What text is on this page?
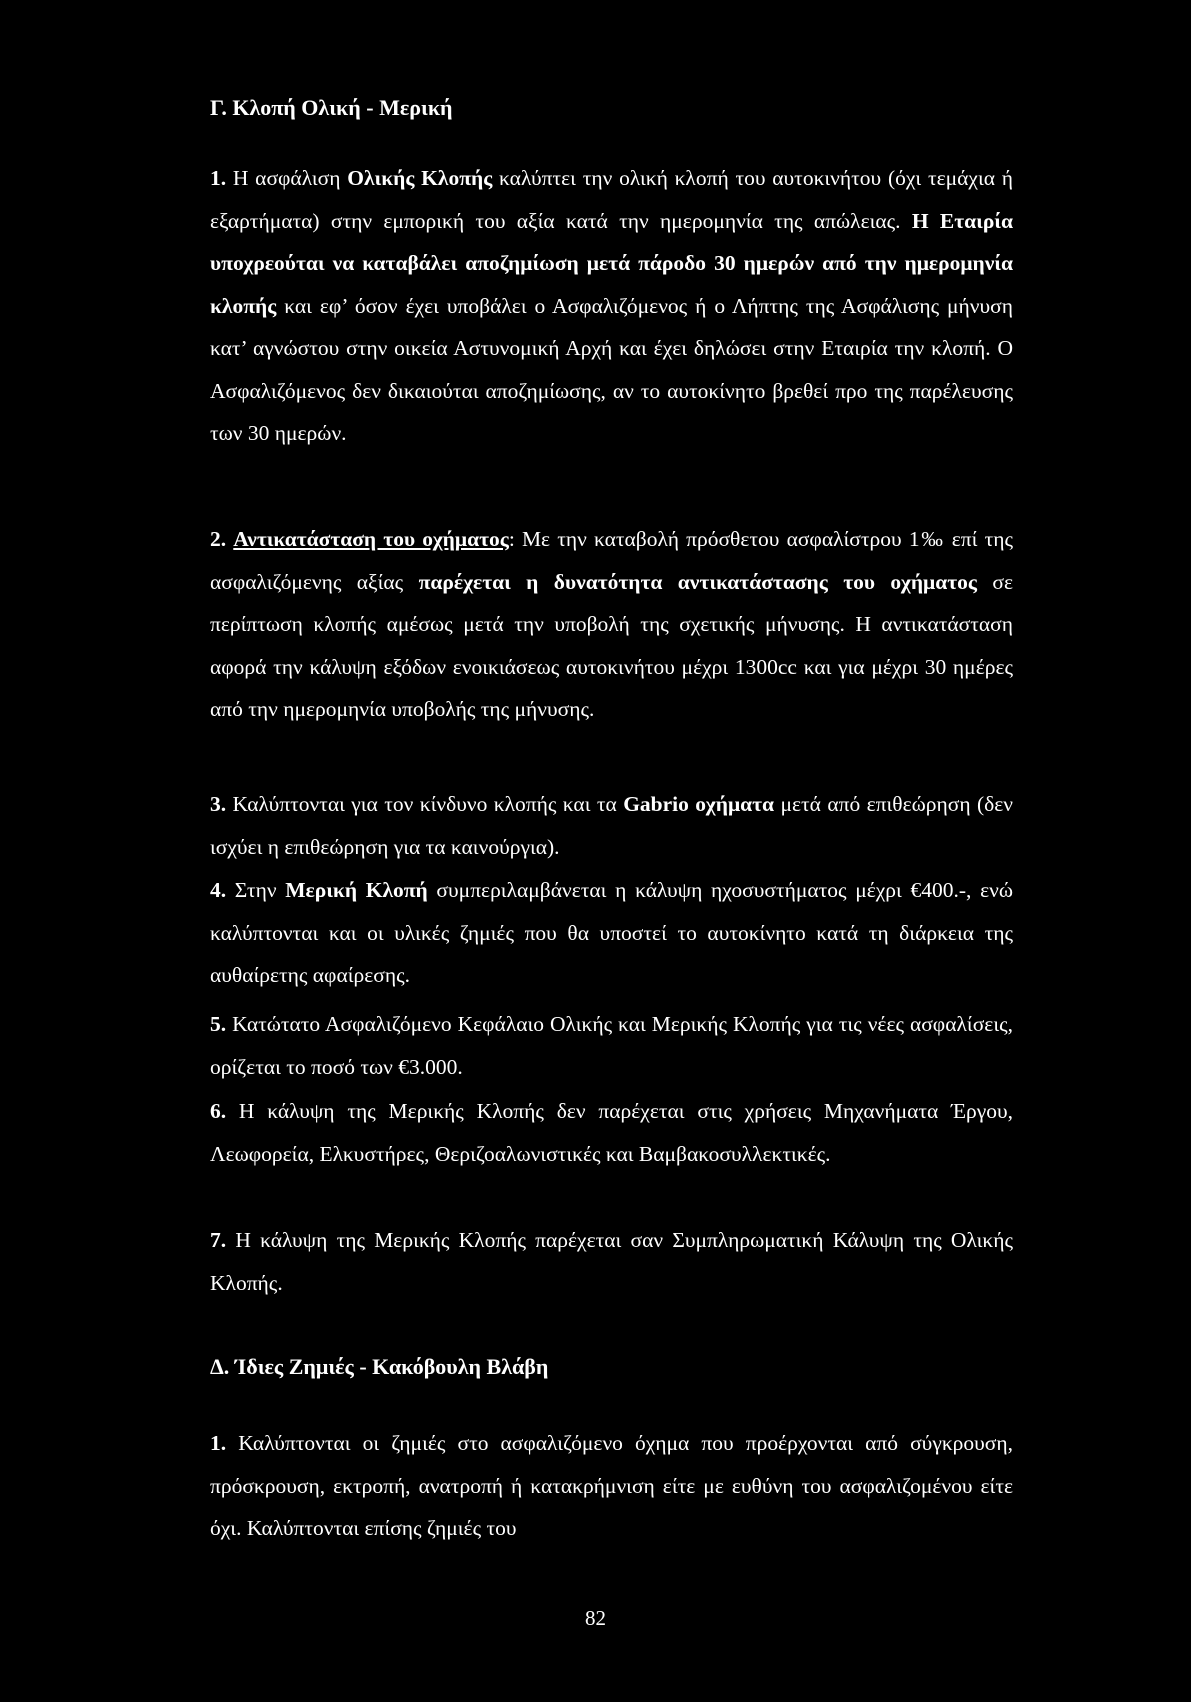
Γ. Κλοπή Ολική - Μερική

1. Η ασφάλιση Ολικής Κλοπής καλύπτει την ολική κλοπή του αυτοκινήτου (όχι τεμάχια ή εξαρτήματα) στην εμπορική του αξία κατά την ημερομηνία της απώλειας. Η Εταιρία υποχρεούται να καταβάλει αποζημίωση μετά πάροδο 30 ημερών από την ημερομηνία κλοπής και εφ’ όσον έχει υποβάλει ο Ασφαλιζόμενος ή ο Λήπτης της Ασφάλισης μήνυση κατ’ αγνώστου στην οικεία Αστυνομική Αρχή και έχει δηλώσει στην Εταιρία την κλοπή. Ο Ασφαλιζόμενος δεν δικαιούται αποζημίωσης, αν το αυτοκίνητο βρεθεί προ της παρέλευσης των 30 ημερών.

2. Αντικατάσταση του οχήματος: Με την καταβολή πρόσθετου ασφαλίστρου 1‰ επί της ασφαλιζόμενης αξίας παρέχεται η δυνατότητα αντικατάστασης του οχήματος σε περίπτωση κλοπής αμέσως μετά την υποβολή της σχετικής μήνυσης. Η αντικατάσταση αφορά την κάλυψη εξόδων ενοικιάσεως αυτοκινήτου μέχρι 1300cc και για μέχρι 30 ημέρες από την ημερομηνία υποβολής της μήνυσης.

3. Καλύπτονται για τον κίνδυνο κλοπής και τα Gabrio οχήματα μετά από επιθεώρηση (δεν ισχύει η επιθεώρηση για τα καινούργια).

4. Στην Μερική Κλοπή συμπεριλαμβάνεται η κάλυψη ηχοσυστήματος μέχρι €400.-, ενώ καλύπτονται και οι υλικές ζημιές που θα υποστεί το αυτοκίνητο κατά τη διάρκεια της αυθαίρετης αφαίρεσης.

5. Κατώτατο Ασφαλιζόμενο Κεφάλαιο Ολικής και Μερικής Κλοπής για τις νέες ασφαλίσεις, ορίζεται το ποσό των €3.000.

6. Η κάλυψη της Μερικής Κλοπής δεν παρέχεται στις χρήσεις Μηχανήματα Έργου, Λεωφορεία, Ελκυστήρες, Θεριζοαλωνιστικές και Βαμβακοσυλλεκτικές.

7. Η κάλυψη της Μερικής Κλοπής παρέχεται σαν Συμπληρωματική Κάλυψη της Ολικής Κλοπής.

Δ. Ίδιες Ζημιές - Κακόβουλη Βλάβη

1. Καλύπτονται οι ζημιές στο ασφαλιζόμενο όχημα που προέρχονται από σύγκρουση, πρόσκρουση, εκτροπή, ανατροπή ή κατακρήμνιση είτε με ευθύνη του ασφαλιζομένου είτε όχι. Καλύπτονται επίσης ζημιές του

82
